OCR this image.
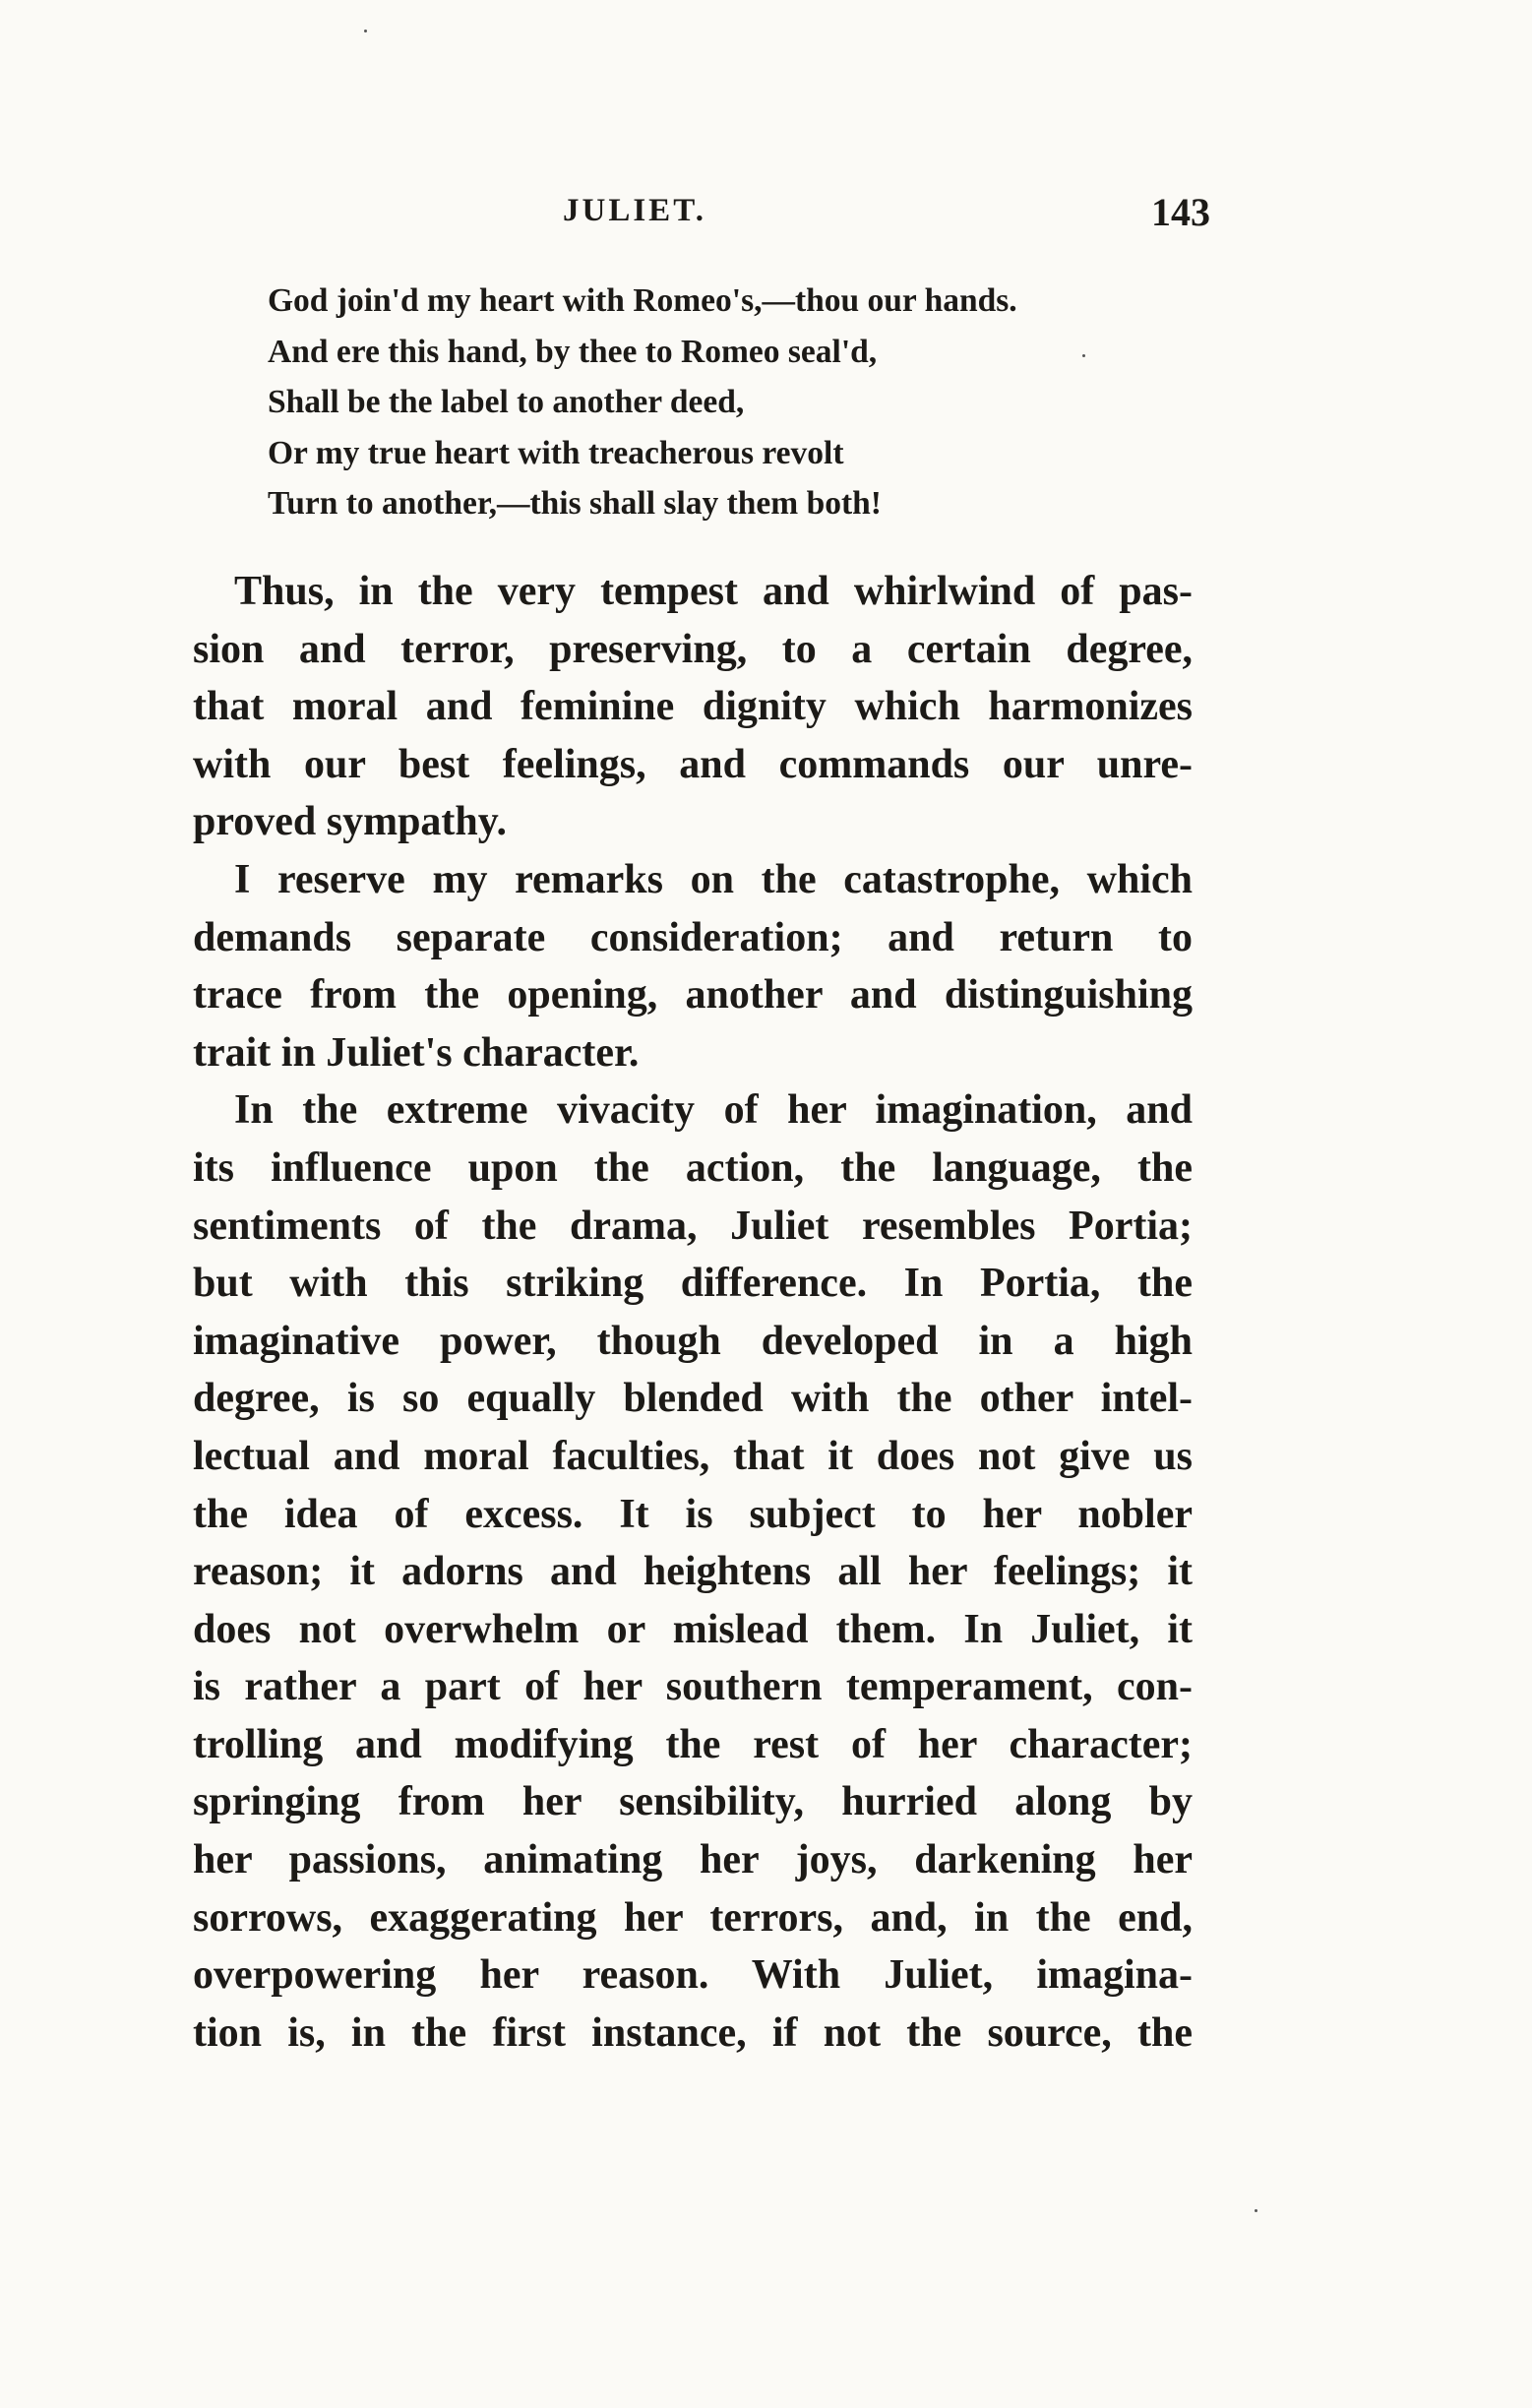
JULIET.	143
God join'd my heart with Romeo's,—thou our hands.
And ere this hand, by thee to Romeo seal'd,
Shall be the label to another deed,
Or my true heart with treacherous revolt
Turn to another,—this shall slay them both!

Thus, in the very tempest and whirlwind of pas-
sion and terror, preserving, to a certain degree,
that moral and feminine dignity which harmonizes
with our best feelings, and commands our unre-
proved sympathy.

I reserve my remarks on the catastrophe, which
demands separate consideration; and return to
trace from the opening, another and distinguishing
trait in Juliet's character.

In the extreme vivacity of her imagination, and
its influence upon the action, the language, the
sentiments of the drama, Juliet resembles Portia;
but with this striking difference. In Portia, the
imaginative power, though developed in a high
degree, is so equally blended with the other intel-
lectual and moral faculties, that it does not give us
the idea of excess. It is subject to her nobler
reason; it adorns and heightens all her feelings; it
does not overwhelm or mislead them. In Juliet, it
is rather a part of her southern temperament, con-
trolling and modifying the rest of her character;
springing from her sensibility, hurried along by
her passions, animating her joys, darkening her
sorrows, exaggerating her terrors, and, in the end,
overpowering her reason. With Juliet, imagina-
tion is, in the first instance, if not the source, the
